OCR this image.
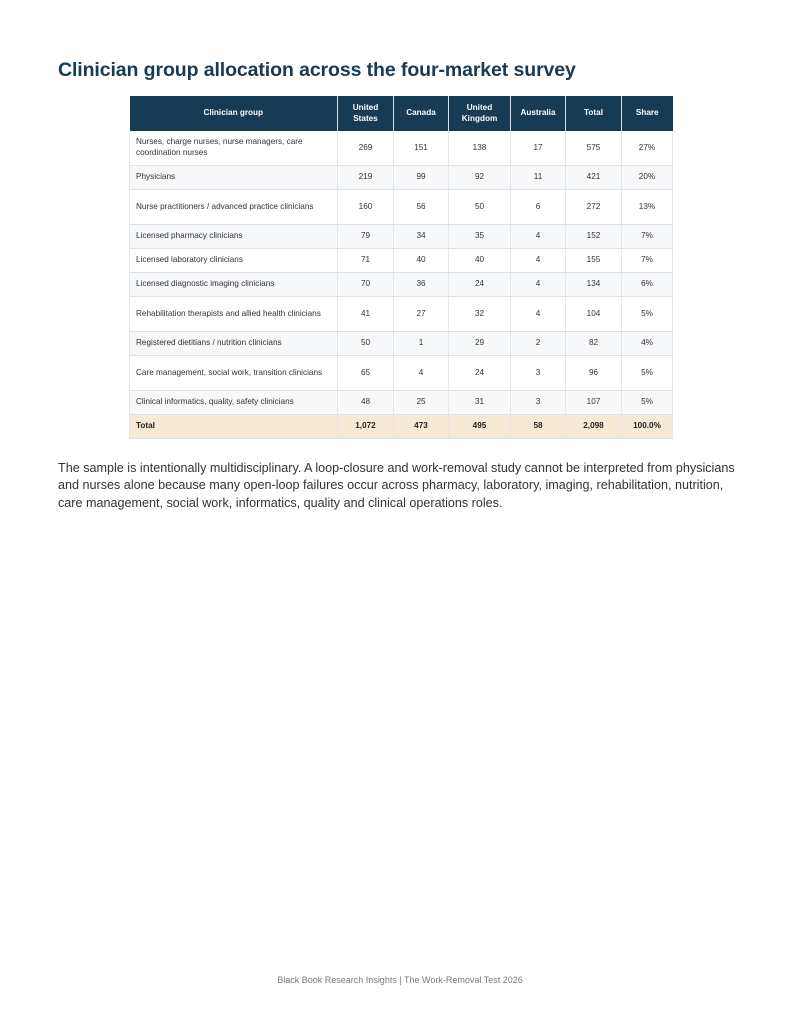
Clinician group allocation across the four-market survey
Clinician group	United States	Canada	United Kingdom	Australia	Total	Share
Nurses, charge nurses, nurse managers, care coordination nurses	269	151	138	17	575	27%
Physicians	219	99	92	11	421	20%
Nurse practitioners / advanced practice clinicians	160	56	50	6	272	13%
Licensed pharmacy clinicians	79	34	35	4	152	7%
Licensed laboratory clinicians	71	40	40	4	155	7%
Licensed diagnostic imaging clinicians	70	36	24	4	134	6%
Rehabilitation therapists and allied health clinicians	41	27	32	4	104	5%
Registered dietitians / nutrition clinicians	50	1	29	2	82	4%
Care management, social work, transition clinicians	65	4	24	3	96	5%
Clinical informatics, quality, safety clinicians	48	25	31	3	107	5%
Total	1,072	473	495	58	2,098	100.0%

The sample is intentionally multidisciplinary. A loop-closure and work-removal study cannot be interpreted from physicians and nurses alone because many open-loop failures occur across pharmacy, laboratory, imaging, rehabilitation, nutrition, care management, social work, informatics, quality and clinical operations roles.

Black Book Research Insights | The Work-Removal Test 2026
